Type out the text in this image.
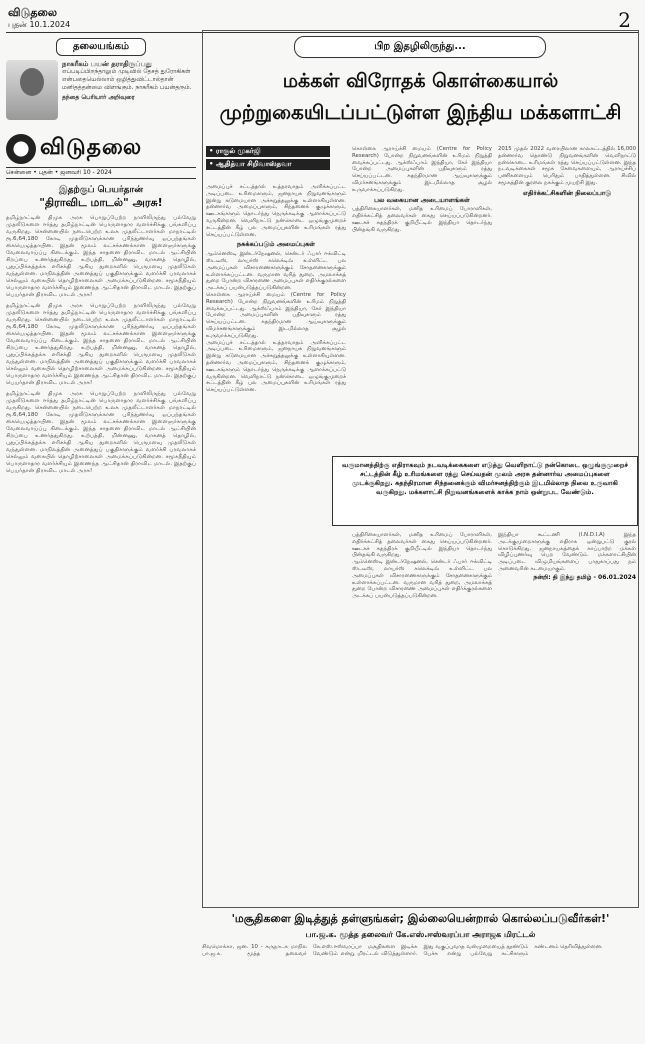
விடுதலை
புதன் 10.1.2024	2
தலையங்கம்
நாகரீகம் பயன் தராதிருப்பது
எப்படிப்பிறந்தாலும் முடிவில் தேசத் துரோகிகள் என்பதையெல்லாம் ஒழித்துவிட்டால்தான் மனிதத்தன்மை விளங்கும். நாகரீகம் பயன்தரும்.
தந்தை பெரியார் அறிவுரை
விடுதலை
சென்னை • புதன் • ஜனவரி 10 - 2024
இதற்குப் பெயர்தான்
"திராவிட மாடல்" அரசு!
தமிழ்நாட்டின் திமுக அரசு பொறுப்பேற்ற நாளிலிருந்து பல்வேறு முதலீடுகளை ஈர்த்து தமிழ்நாட்டின் பொருளாதார வளர்ச்சிக்கு பங்களிப்பு வருகிறது. சென்னையில் நடைபெற்ற உலக முதலீட்டாளர்கள் மாநாட்டில் ரூ.6,64,180 கோடி முதலீடுகளுக்கான புரிந்துணர்வு ஒப்பந்தங்கள் கையெழுத்தாயின. இதன் மூலம் லட்சக்கணக்கான இளைஞர்களுக்கு வேலைவாய்ப்பு கிடைக்கும். இந்த சாதனை திராவிட மாடல் ஆட்சியின் சிறப்பை உணர்த்துகிறது. உற்பத்தி, மின்னணு, வாகனத் தொழில், புதுப்பிக்கத்தக்க எரிசக்தி ஆகிய துறைகளில் பெருமளவு முதலீடுகள் வந்துள்ளன. மாநிலத்தின் அனைத்துப் பகுதிகளுக்கும் வளர்ச்சி பரவலாகச் செல்லும் வகையில் தொழிற்சாலைகள் அமைக்கப்படுகின்றன. சமூகநீதியும் பொருளாதார வளர்ச்சியும் இணைந்த ஆட்சிதான் திராவிட மாடல். இதற்குப் பெயர்தான் திராவிட மாடல் அரசு!
தமிழ்நாட்டின் திமுக அரசு பொறுப்பேற்ற நாளிலிருந்து பல்வேறு முதலீடுகளை ஈர்த்து தமிழ்நாட்டின் பொருளாதார வளர்ச்சிக்கு பங்களிப்பு வருகிறது. சென்னையில் நடைபெற்ற உலக முதலீட்டாளர்கள் மாநாட்டில் ரூ.6,64,180 கோடி முதலீடுகளுக்கான புரிந்துணர்வு ஒப்பந்தங்கள் கையெழுத்தாயின. இதன் மூலம் லட்சக்கணக்கான இளைஞர்களுக்கு வேலைவாய்ப்பு கிடைக்கும். இந்த சாதனை திராவிட மாடல் ஆட்சியின் சிறப்பை உணர்த்துகிறது. உற்பத்தி, மின்னணு, வாகனத் தொழில், புதுப்பிக்கத்தக்க எரிசக்தி ஆகிய துறைகளில் பெருமளவு முதலீடுகள் வந்துள்ளன. மாநிலத்தின் அனைத்துப் பகுதிகளுக்கும் வளர்ச்சி பரவலாகச் செல்லும் வகையில் தொழிற்சாலைகள் அமைக்கப்படுகின்றன. சமூகநீதியும் பொருளாதார வளர்ச்சியும் இணைந்த ஆட்சிதான் திராவிட மாடல். இதற்குப் பெயர்தான் திராவிட மாடல் அரசு!
தமிழ்நாட்டின் திமுக அரசு பொறுப்பேற்ற நாளிலிருந்து பல்வேறு முதலீடுகளை ஈர்த்து தமிழ்நாட்டின் பொருளாதார வளர்ச்சிக்கு பங்களிப்பு வருகிறது. சென்னையில் நடைபெற்ற உலக முதலீட்டாளர்கள் மாநாட்டில் ரூ.6,64,180 கோடி முதலீடுகளுக்கான புரிந்துணர்வு ஒப்பந்தங்கள் கையெழுத்தாயின. இதன் மூலம் லட்சக்கணக்கான இளைஞர்களுக்கு வேலைவாய்ப்பு கிடைக்கும். இந்த சாதனை திராவிட மாடல் ஆட்சியின் சிறப்பை உணர்த்துகிறது. உற்பத்தி, மின்னணு, வாகனத் தொழில், புதுப்பிக்கத்தக்க எரிசக்தி ஆகிய துறைகளில் பெருமளவு முதலீடுகள் வந்துள்ளன. மாநிலத்தின் அனைத்துப் பகுதிகளுக்கும் வளர்ச்சி பரவலாகச் செல்லும் வகையில் தொழிற்சாலைகள் அமைக்கப்படுகின்றன. சமூகநீதியும் பொருளாதார வளர்ச்சியும் இணைந்த ஆட்சிதான் திராவிட மாடல். இதற்குப் பெயர்தான் திராவிட மாடல் அரசு!
பிற இதழிலிருந்து...
மக்கள் விரோதக் கொள்கையால்
முற்றுகையிடப்பட்டுள்ள இந்திய மக்களாட்சி
• ராகுல் முகர்ஜி
• ஆதித்யா சிறிவாஸ்தவா
அமைப்புச் சட்டத்தால் உத்தரவாதம் அளிக்கப்பட்ட அடிப்படை உரிமைகளும், ஜனநாயக நிறுவனங்களும் இன்று கடுமையான அச்சுறுத்தலுக்கு உள்ளாகியுள்ளன. தன்னார்வ அமைப்புகளும், சிந்தனைக் குழுக்களும், ஊடகங்களும் தொடர்ந்து நெருக்கடிக்கு ஆளாக்கப்பட்டு வருகின்றன. வெளிநாட்டு நன்கொடை ஒழுங்குமுறைச் சட்டத்தின் கீழ் பல அமைப்புகளின் உரிமங்கள் ரத்து செய்யப்பட்டுள்ளன.
நசுக்கப்படும் அமைப்புகள்
ஆம்னெஸ்டி இன்டர்நேஷனல், சென்டர் ஃபார் ஈக்விட்டி ஸ்டடீஸ், லாயர்ஸ் கலெக்டிவ் உள்ளிட்ட பல அமைப்புகள் விசாரணைகளுக்கும் சோதனைகளுக்கும் உள்ளாக்கப்பட்டன. வருமான வரித் துறை, அமலாக்கத் துறை போன்ற விசாரணை அமைப்புகள் எதிர்க்குரல்களை அடக்கப் பயன்படுத்தப்படுகின்றன.
கொள்கை ஆராய்ச்சி மையம் (Centre for Policy Research) போன்ற நிறுவனங்களின் உரிமம் நிறுத்தி வைக்கப்பட்டது. ஆக்ஸ்ஃபாம் இந்தியா, கேர் இந்தியா போன்ற அமைப்புகளின் பதிவுகளும் ரத்து செய்யப்பட்டன. சுதந்திரமான ஆய்வுகளுக்கும் விமர்சனங்களுக்கும் இடமில்லாத சூழல் உருவாக்கப்படுகிறது.
அமைப்புச் சட்டத்தால் உத்தரவாதம் அளிக்கப்பட்ட அடிப்படை உரிமைகளும், ஜனநாயக நிறுவனங்களும் இன்று கடுமையான அச்சுறுத்தலுக்கு உள்ளாகியுள்ளன. தன்னார்வ அமைப்புகளும், சிந்தனைக் குழுக்களும், ஊடகங்களும் தொடர்ந்து நெருக்கடிக்கு ஆளாக்கப்பட்டு வருகின்றன. வெளிநாட்டு நன்கொடை ஒழுங்குமுறைச் சட்டத்தின் கீழ் பல அமைப்புகளின் உரிமங்கள் ரத்து செய்யப்பட்டுள்ளன.
கொள்கை ஆராய்ச்சி மையம் (Centre for Policy Research) போன்ற நிறுவனங்களின் உரிமம் நிறுத்தி வைக்கப்பட்டது. ஆக்ஸ்ஃபாம் இந்தியா, கேர் இந்தியா போன்ற அமைப்புகளின் பதிவுகளும் ரத்து செய்யப்பட்டன. சுதந்திரமான ஆய்வுகளுக்கும் விமர்சனங்களுக்கும் இடமில்லாத சூழல் உருவாக்கப்படுகிறது.
பல வகையான அடையாளங்கள்
பத்திரிகையாளர்கள், மனித உரிமைப் போராளிகள், எதிர்க்கட்சித் தலைவர்கள் கைது செய்யப்படுகின்றனர். ஊடகச் சுதந்திரக் குறியீட்டில் இந்தியா தொடர்ந்து பின்தங்கி வருகிறது.
2015 முதல் 2022 வரையிலான காலகட்டத்தில் 16,000 தன்னார்வ தொண்டு நிறுவனங்களின் வெளிநாட்டு நன்கொடை உரிமங்கள் ரத்து செய்யப்பட்டுள்ளன. இந்த நடவடிக்கைகள் சமூக சேவைகளையும், ஆராய்ச்சிப் பணிகளையும் பெரிதும் பாதித்துள்ளன. சிவில் சமூகத்தின் குரலை நசுக்கும் முயற்சி இது.
எதிர்க்கட்சிகளின் நிலைப்பாடு
வருமானத்திற்கு எதிராகவும் நடவடிக்கைகளை எடுத்து வெளிநாட்டு நன்கொடை ஒழுங்குமுறைச் சட்டத்தின் கீழ் உரிமங்களை ரத்து செய்வதன் மூலம் அரசு தன்னார்வ அமைப்புகளை முடக்குகிறது. சுதந்திரமான சிந்தனைக்கும் விமர்சனத்திற்கும் இடமில்லாத நிலை உருவாகி வருகிறது. மக்களாட்சி நிறுவனங்களைக் காக்க நாம் ஒன்றுபட வேண்டும்.
பத்திரிகையாளர்கள், மனித உரிமைப் போராளிகள், எதிர்க்கட்சித் தலைவர்கள் கைது செய்யப்படுகின்றனர். ஊடகச் சுதந்திரக் குறியீட்டில் இந்தியா தொடர்ந்து பின்தங்கி வருகிறது.
ஆம்னெஸ்டி இன்டர்நேஷனல், சென்டர் ஃபார் ஈக்விட்டி ஸ்டடீஸ், லாயர்ஸ் கலெக்டிவ் உள்ளிட்ட பல அமைப்புகள் விசாரணைகளுக்கும் சோதனைகளுக்கும் உள்ளாக்கப்பட்டன. வருமான வரித் துறை, அமலாக்கத் துறை போன்ற விசாரணை அமைப்புகள் எதிர்க்குரல்களை அடக்கப் பயன்படுத்தப்படுகின்றன.
இந்தியா கூட்டணி (I.N.D.I.A) இந்த அடக்குமுறைகளுக்கு எதிராக ஒன்றுபட்டு குரல் கொடுக்கிறது. ஜனநாயகத்தைக் காப்பாற்ற மக்கள் விழிப்புணர்வு பெற வேண்டும். மக்களாட்சியின் அடிப்படை விழுமியங்களைப் பாதுகாப்பது நம் அனைவரின் கடமையாகும்.
நன்றி: தி இந்து தமிழ் - 06.01.2024
'மசூதிகளை இடித்துத் தள்ளுங்கள்; இல்லையென்றால் கொல்லப்படுவீர்கள்!'
பா.ஜ.க. மூத்த தலைவர் கே.எஸ்.ஈஸ்வரப்பா அராஜக மிரட்டல்
சிவமொக்கா, ஜன. 10 - கருநாடக மாநில பா.ஜ.க. மூத்த தலைவர் கே.எஸ்.ஈஸ்வரப்பா மசூதிகளை இடிக்க வேண்டும் என்று மிரட்டல் விடுத்துள்ளார். இது வகுப்புவாத வன்முறையைத் தூண்டும் பேச்சு என்று பல்வேறு கட்சிகளும் கண்டனம் தெரிவித்துள்ளன.
